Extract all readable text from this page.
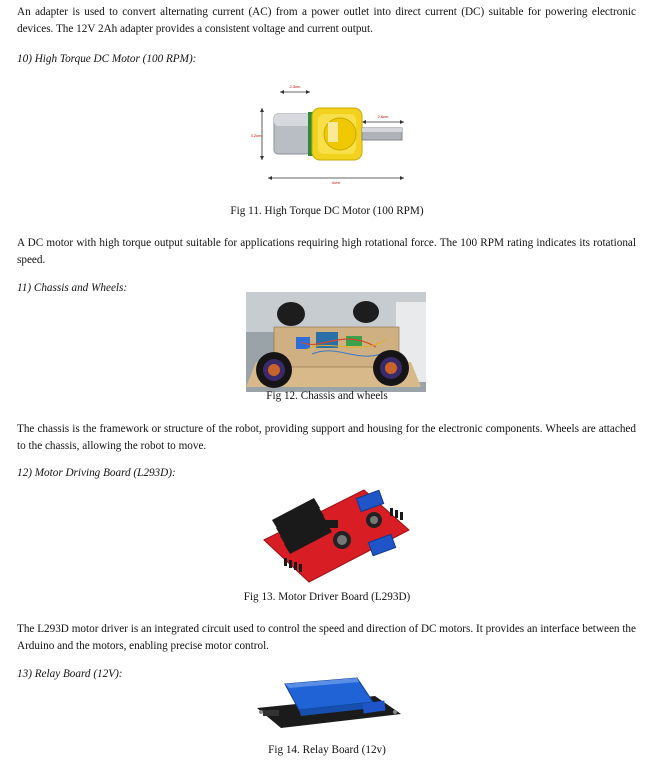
An adapter is used to convert alternating current (AC) from a power outlet into direct current (DC) suitable for powering electronic devices. The 12V 2Ah adapter provides a consistent voltage and current output.

10) High Torque DC Motor (100 RPM):

2.3cm
3.2cm
2.6cm
6cm

Fig 11. High Torque DC Motor (100 RPM)

A DC motor with high torque output suitable for applications requiring high rotational force. The 100 RPM rating indicates its rotational speed.

11) Chassis and Wheels:

Fig 12. Chassis and wheels

The chassis is the framework or structure of the robot, providing support and housing for the electronic components. Wheels are attached to the chassis, allowing the robot to move.

12) Motor Driving Board (L293D):

Fig 13. Motor Driver Board (L293D)

The L293D motor driver is an integrated circuit used to control the speed and direction of DC motors. It provides an interface between the Arduino and the motors, enabling precise motor control.

13) Relay Board (12V):

Fig 14. Relay Board (12v)
